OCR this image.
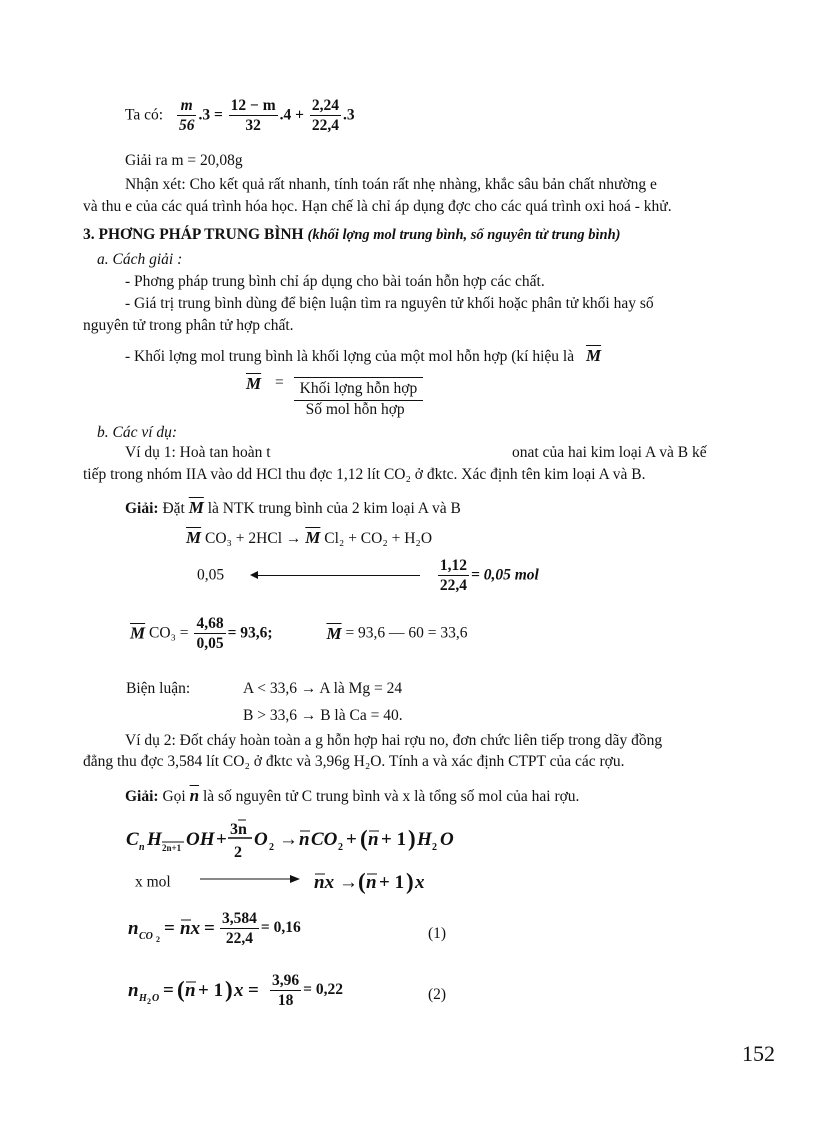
Ta có: $\frac{m}{56} .3 = \frac{12 - m}{32} .4 + \frac{2,24}{22,4} .3$
Giải ra m = 20,08g
Nhận xét: Cho kết quả rất nhanh, tính toán rất nhẹ nhàng, khắc sâu bản chất nhường e
và thu e của các quá trình hóa học. Hạn chế là chỉ áp dụng đợc cho các quá trình oxi hoá - khử.
3. PHƠNG PHÁP TRUNG BÌNH (khối lợng mol trung bình, số nguyên tử trung bình)
a. Cách giải :
- Phơng pháp trung bình chỉ áp dụng cho bài toán hỗn hợp các chất.
- Giá trị trung bình dùng để biện luận tìm ra nguyên tử khối hoặc phân tử khối hay số
nguyên tử trong phân tử hợp chất.
- Khối lợng mol trung bình là khối lợng của một mol hỗn hợp (kí hiệu là $\overline{M}$
$\overline{M}$ =	Khối lợng hỗn hợp
Số mol hỗn hợp
b. Các ví dụ:
Ví dụ 1: Hoà tan hoàn t	onat của hai kim loại A và B kế
tiếp trong nhóm IIA vào dd HCl thu đợc 1,12 lít CO₂ ở đktc. Xác định tên kim loại A và B.
Giải: Đặt $\overline{M}$ là NTK trung bình của 2 kim loại A và B
$\overline{M}$ $CO_3 + 2HCl \to \overline{M}$ Cl₂ + CO₂ + H₂O
0,05	$\frac{1,12}{22,4} = 0,05$ mol
$\overline{M}$ $CO_3 = \frac{4,68}{0,05} = 93,6$;	$\overline{M} = 93,6$ — 60 = 33,6
Biện luận:	A < 33,6 → A là Mg = 24
B > 33,6 → B là Ca = 40.
Ví dụ 2: Đốt cháy hoàn toàn a g hỗn hợp hai rợu no, đơn chức liên tiếp trong dãy đồng
đẳng thu đợc 3,584 lít CO₂ ở đktc và 3,96g H₂O. Tính a và xác định CTPT của các rợu.
Giải: Gọi $\overline{n}$ là số nguyên tử C trung bình và x là tổng số mol của hai rợu.
C n H 2n+1 OH + 3n
2
O 2 → n CO 2 + ( n + 1 ) H 2 O
x mol	nx → ( n + 1 ) x
n CO 2
= nx = $\frac{3,584}{22,4} = 0,16$	(1)
n H 2 O = ( n + 1 ) $x = \frac{3,96}{18} = 0,22$	(2)
152
